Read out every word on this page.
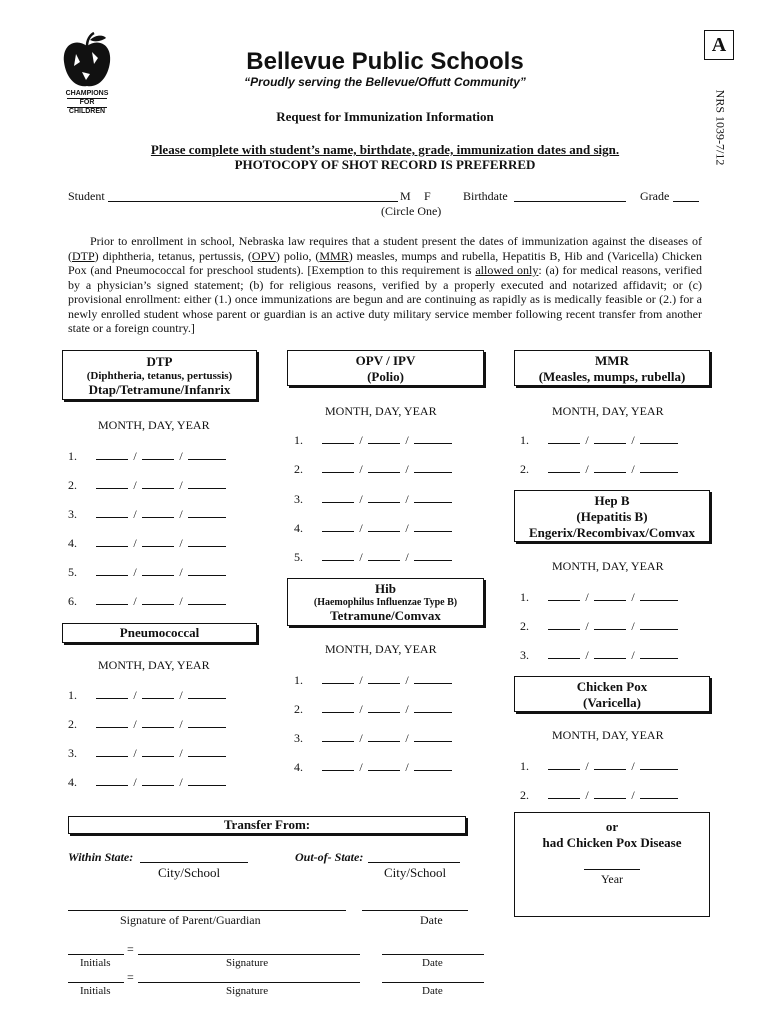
CHAMPIONS
FOR
CHILDREN
A
NRS 1039-7/12
Bellevue Public Schools
“Proudly serving the Bellevue/Offutt Community”
Request for Immunization Information
Please complete with student’s name, birthdate, grade, immunization dates and sign.
PHOTOCOPY OF SHOT RECORD IS PREFERRED
Student	M F
(Circle One)
Birthdate	Grade
Prior to enrollment in school, Nebraska law requires that a student present the dates of immunization against the diseases of (DTP) diphtheria, tetanus, pertussis, (OPV) polio, (MMR) measles, mumps and rubella, Hepatitis B, Hib and (Varicella) Chicken Pox (and Pneumococcal for preschool students). [Exemption to this requirement is allowed only: (a) for medical reasons, verified by a physician’s signed statement; (b) for religious reasons, verified by a properly executed and notarized affidavit; or (c) provisional enrollment: either (1.) once immunizations are begun and are continuing as rapidly as is medically feasible or (2.) for a newly enrolled student whose parent or guardian is an active duty military service member following recent transfer from another state or a foreign country.]
DTP
(Diphtheria, tetanus, pertussis)
Dtap/Tetramune/Infanrix
MONTH, DAY, YEAR
Pneumococcal
MONTH, DAY, YEAR
OPV / IPV
(Polio)
MONTH, DAY, YEAR
Hib
(Haemophilus Influenzae Type B)
Tetramune/Comvax
MONTH, DAY, YEAR
MMR
(Measles, mumps, rubella)
MONTH, DAY, YEAR
Hep B
(Hepatitis B)
Engerix/Recombivax/Comvax
MONTH, DAY, YEAR
Chicken Pox
(Varicella)
MONTH, DAY, YEAR
or
had Chicken Pox Disease
Year
Transfer From:
Within State:
City/School
Out-of- State:
City/School
Signature of Parent/Guardian	Date
=
Initials	Signature	Date
=
Initials	Signature	Date
1.	/	/
2.	/	/
3.	/	/
4.	/	/
5.	/	/
6.	/	/
1.	/	/
2.	/	/
3.	/	/
4.	/	/
1.	/	/
2.	/	/
3.	/	/
4.	/	/
5.	/	/
1.	/	/
2.	/	/
3.	/	/
4.	/	/
1.	/	/
2.	/	/
1.	/	/
2.	/	/
3.	/	/
1.	/	/
2.	/	/
